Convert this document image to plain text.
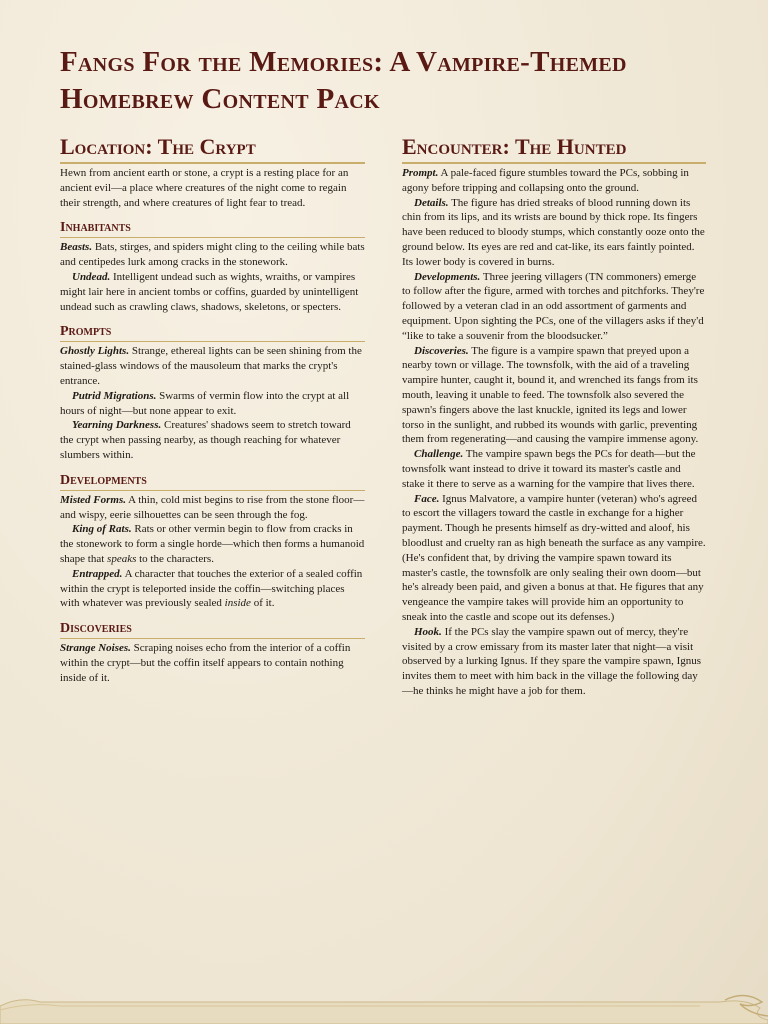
Fangs For the Memories: A Vampire-Themed Homebrew Content Pack
Location: The Crypt

Hewn from ancient earth or stone, a crypt is a resting place for an ancient evil—a place where creatures of the night come to regain their strength, and where creatures of light fear to tread.

Inhabitants

Beasts. Bats, stirges, and spiders might cling to the ceiling while bats and centipedes lurk among cracks in the stonework.

Undead. Intelligent undead such as wights, wraiths, or vampires might lair here in ancient tombs or coffins, guarded by unintelligent undead such as crawling claws, shadows, skeletons, or specters.

Prompts

Ghostly Lights. Strange, ethereal lights can be seen shining from the stained-glass windows of the mausoleum that marks the crypt's entrance.

Putrid Migrations. Swarms of vermin flow into the crypt at all hours of night—but none appear to exit.

Yearning Darkness. Creatures' shadows seem to stretch toward the crypt when passing nearby, as though reaching for whatever slumbers within.

Developments

Misted Forms. A thin, cold mist begins to rise from the stone floor—and wispy, eerie silhouettes can be seen through the fog.

King of Rats. Rats or other vermin begin to flow from cracks in the stonework to form a single horde—which then forms a humanoid shape that speaks to the characters.

Entrapped. A character that touches the exterior of a sealed coffin within the crypt is teleported inside the coffin—switching places with whatever was previously sealed inside of it.

Discoveries

Strange Noises. Scraping noises echo from the interior of a coffin within the crypt—but the coffin itself appears to contain nothing inside of it.

Encounter: The Hunted

Prompt. A pale-faced figure stumbles toward the PCs, sobbing in agony before tripping and collapsing onto the ground.

Details. The figure has dried streaks of blood running down its chin from its lips, and its wrists are bound by thick rope. Its fingers have been reduced to bloody stumps, which constantly ooze onto the ground below. Its eyes are red and cat-like, its ears faintly pointed. Its lower body is covered in burns.

Developments. Three jeering villagers (TN commoners) emerge to follow after the figure, armed with torches and pitchforks. They're followed by a veteran clad in an odd assortment of garments and equipment. Upon sighting the PCs, one of the villagers asks if they'd “like to take a souvenir from the bloodsucker.”

Discoveries. The figure is a vampire spawn that preyed upon a nearby town or village. The townsfolk, with the aid of a traveling vampire hunter, caught it, bound it, and wrenched its fangs from its mouth, leaving it unable to feed. The townsfolk also severed the spawn's fingers above the last knuckle, ignited its legs and lower torso in the sunlight, and rubbed its wounds with garlic, preventing them from regenerating—and causing the vampire immense agony.

Challenge. The vampire spawn begs the PCs for death—but the townsfolk want instead to drive it toward its master's castle and stake it there to serve as a warning for the vampire that lives there.

Face. Ignus Malvatore, a vampire hunter (veteran) who's agreed to escort the villagers toward the castle in exchange for a higher payment. Though he presents himself as dry-witted and aloof, his bloodlust and cruelty ran as high beneath the surface as any vampire. (He's confident that, by driving the vampire spawn toward its master's castle, the townsfolk are only sealing their own doom—but he's already been paid, and given a bonus at that. He figures that any vengeance the vampire takes will provide him an opportunity to sneak into the castle and scope out its defenses.)

Hook. If the PCs slay the vampire spawn out of mercy, they're visited by a crow emissary from its master later that night—a visit observed by a lurking Ignus. If they spare the vampire spawn, Ignus invites them to meet with him back in the village the following day—he thinks he might have a job for them.
